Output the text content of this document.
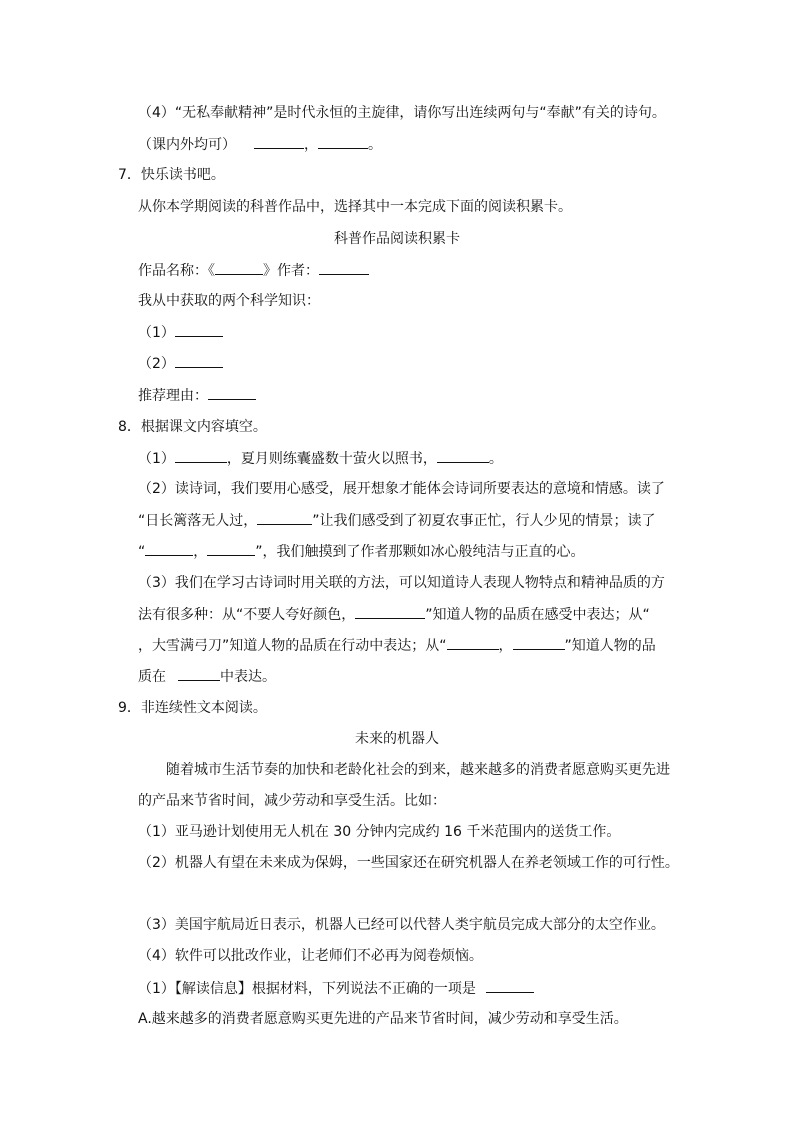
（4）“无私奉献精神”是时代永恒的主旋律，请你写出连续两句与“奉献”有关的诗句。
（课内外均可）	，	。
7．快乐读书吧。
从你本学期阅读的科普作品中，选择其中一本完成下面的阅读积累卡。
科普作品阅读积累卡
作品名称：《	》作者：
我从中获取的两个科学知识：
（1）
（2）
推荐理由：
8．根据课文内容填空。
（1）	，夏月则练囊盛数十萤火以照书，	。
（2）读诗词，我们要用心感受，展开想象才能体会诗词所要表达的意境和情感。读了
“日长篱落无人过，	”让我们感受到了初夏农事正忙，行人少见的情景；读了
“	，	”，我们触摸到了作者那颗如冰心般纯洁与正直的心。
（3）我们在学习古诗词时用关联的方法，可以知道诗人表现人物特点和精神品质的方
法有很多种：从“不要人夸好颜色，	”知道人物的品质在感受中表达；从“
，大雪满弓刀”知道人物的品质在行动中表达；从“	，	”知道人物的品
质在	中表达。
9．非连续性文本阅读。
未来的机器人
随着城市生活节奏的加快和老龄化社会的到来，越来越多的消费者愿意购买更先进
的产品来节省时间，减少劳动和享受生活。比如：
（1）亚马逊计划使用无人机在 30 分钟内完成约 16 千米范围内的送货工作。
（2）机器人有望在未来成为保姆，一些国家还在研究机器人在养老领域工作的可行性。
（3）美国宇航局近日表示，机器人已经可以代替人类宇航员完成大部分的太空作业。
（4）软件可以批改作业，让老师们不必再为阅卷烦恼。
（1）【解读信息】根据材料，下列说法不正确的一项是
A.越来越多的消费者愿意购买更先进的产品来节省时间，减少劳动和享受生活。
